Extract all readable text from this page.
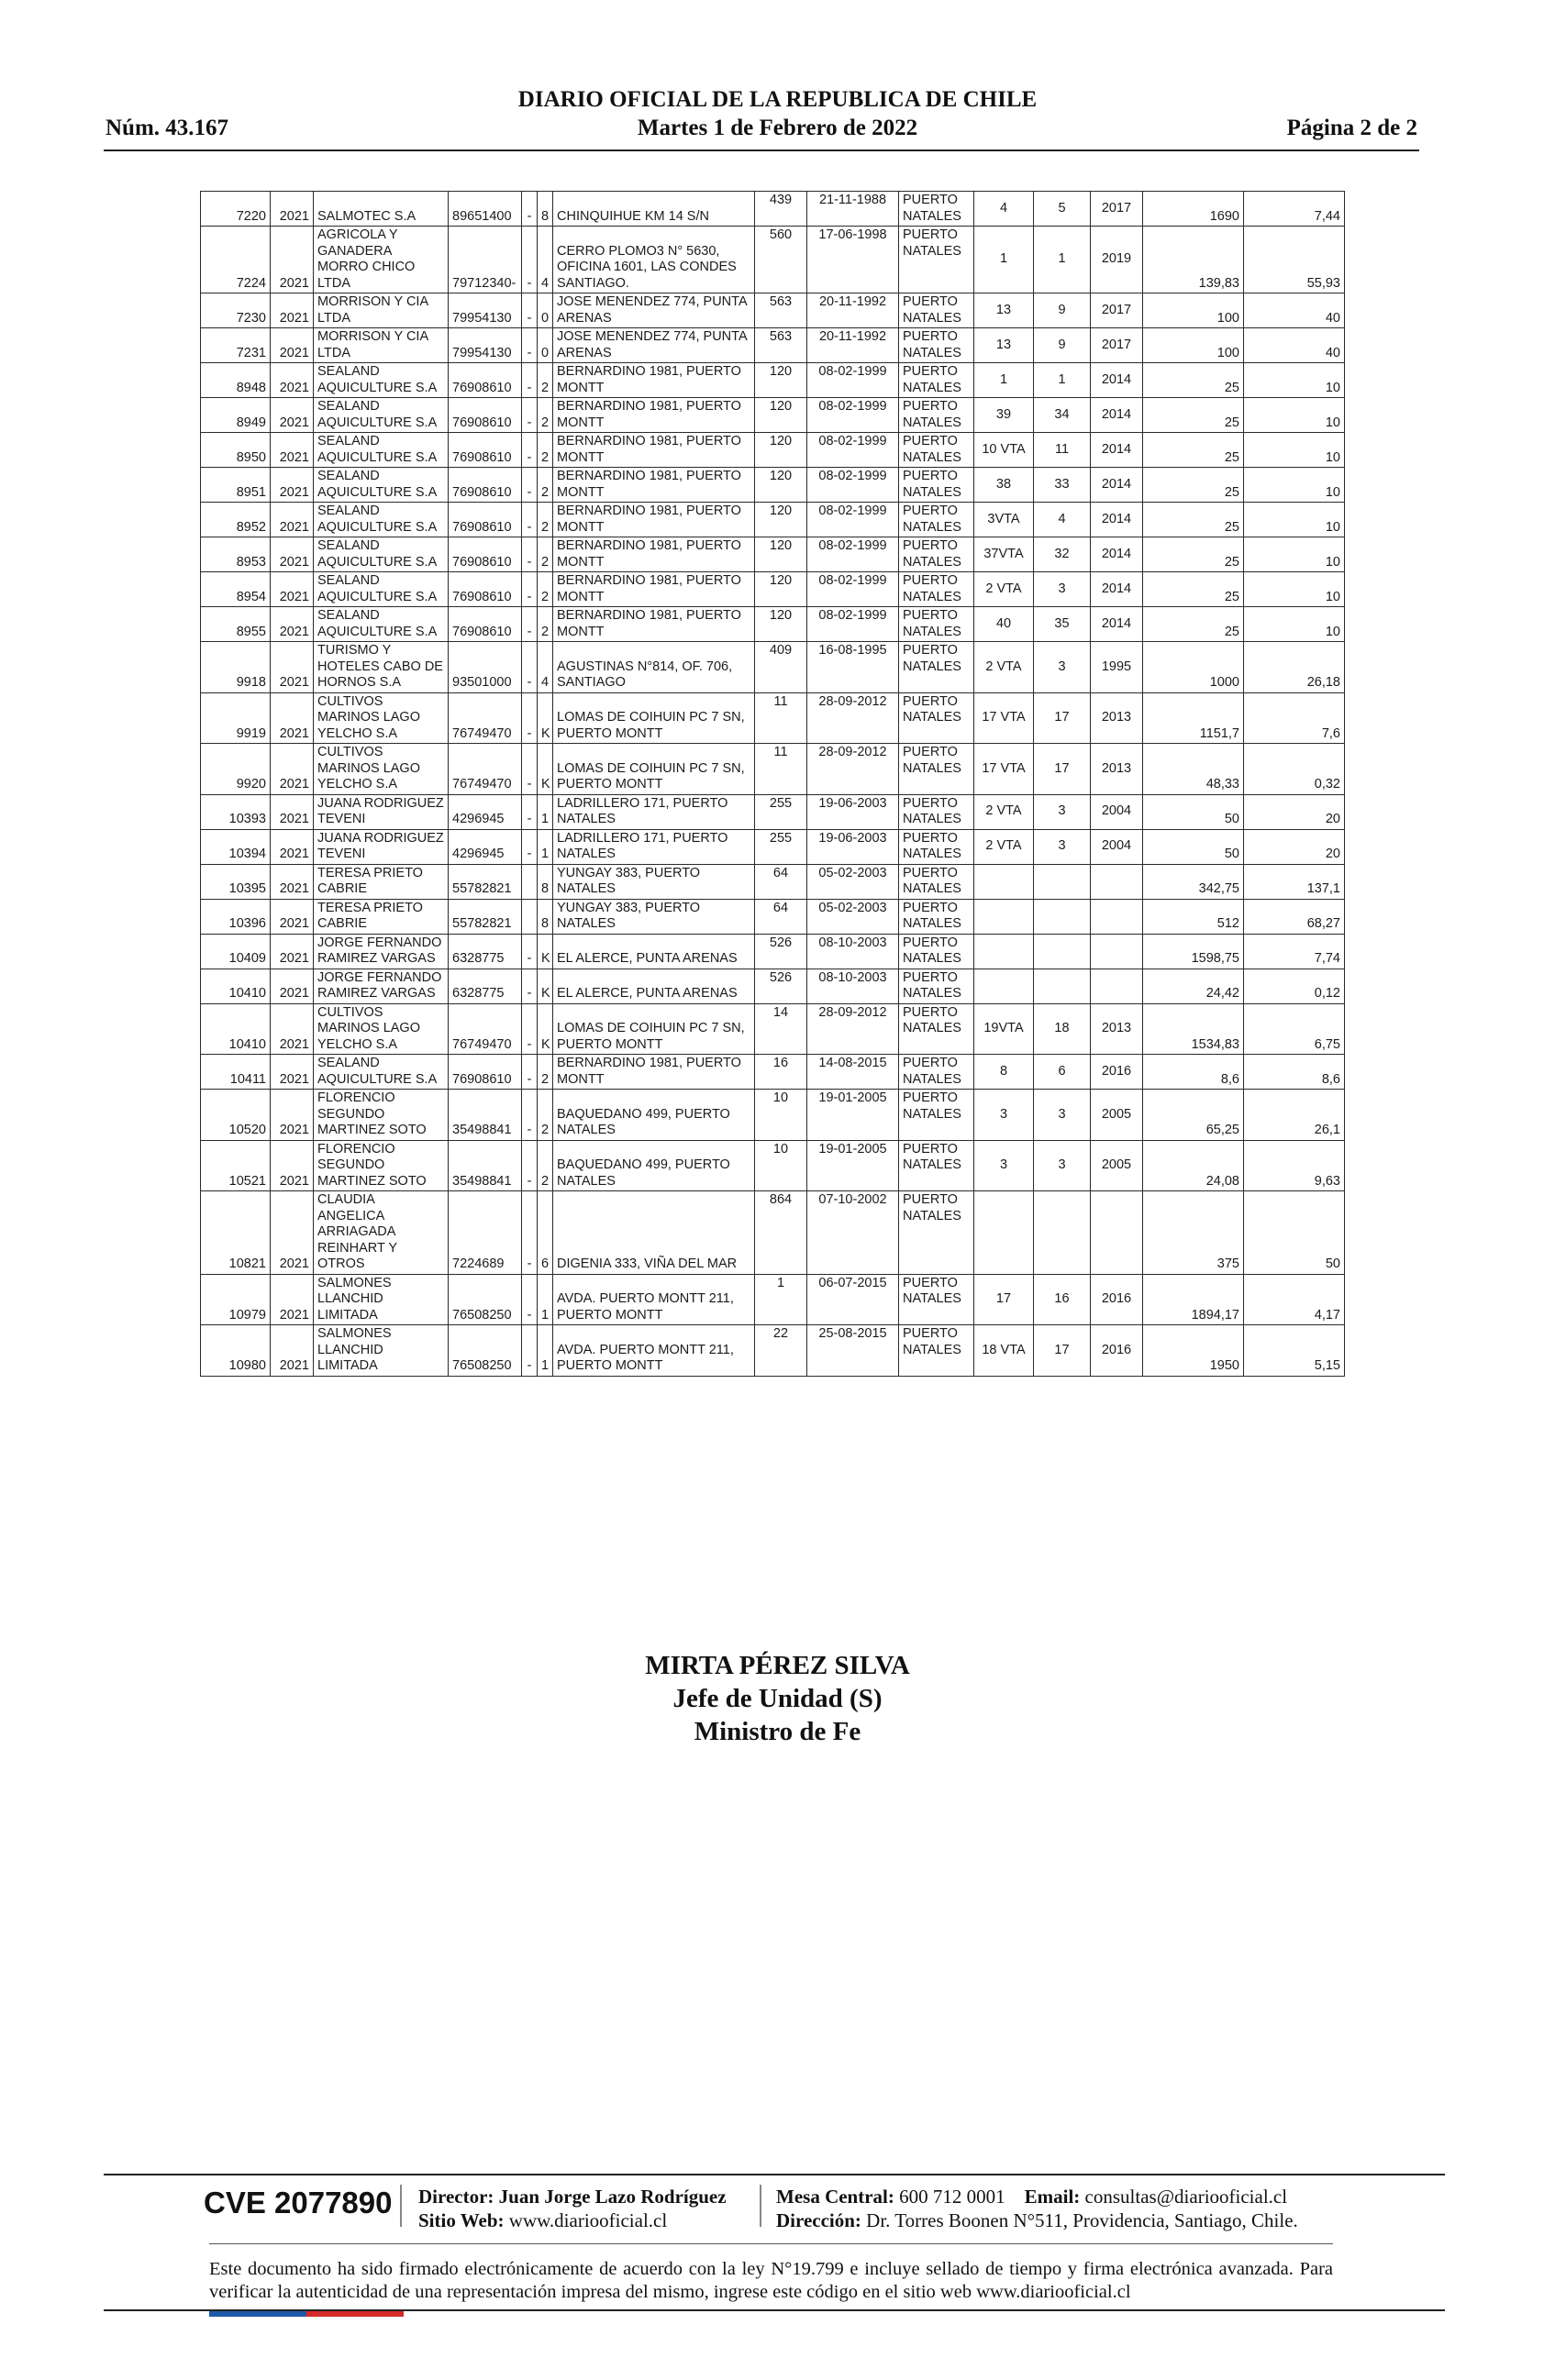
DIARIO OFICIAL DE LA REPUBLICA DE CHILE
Núm. 43.167	Martes 1 de Febrero de 2022	Página 2 de 2
7220	2021	SALMOTEC S.A	89651400	-	8	CHINQUIHUE KM 14 S/N	439	21-11-1988	PUERTO NATALES	4	5	2017	1690	7,44
7224	2021	AGRICOLA Y GANADERA MORRO CHICO LTDA	79712340-	-	4	CERRO PLOMO3 N° 5630, OFICINA 1601, LAS CONDES SANTIAGO.	560	17-06-1998	PUERTO NATALES	1	1	2019	139,83	55,93
7230	2021	MORRISON Y CIA LTDA	79954130	-	0	JOSE MENENDEZ 774, PUNTA ARENAS	563	20-11-1992	PUERTO NATALES	13	9	2017	100	40
7231	2021	MORRISON Y CIA LTDA	79954130	-	0	JOSE MENENDEZ 774, PUNTA ARENAS	563	20-11-1992	PUERTO NATALES	13	9	2017	100	40
8948	2021	SEALAND AQUICULTURE S.A	76908610	-	2	BERNARDINO 1981, PUERTO MONTT	120	08-02-1999	PUERTO NATALES	1	1	2014	25	10
8949	2021	SEALAND AQUICULTURE S.A	76908610	-	2	BERNARDINO 1981, PUERTO MONTT	120	08-02-1999	PUERTO NATALES	39	34	2014	25	10
8950	2021	SEALAND AQUICULTURE S.A	76908610	-	2	BERNARDINO 1981, PUERTO MONTT	120	08-02-1999	PUERTO NATALES	10 VTA	11	2014	25	10
8951	2021	SEALAND AQUICULTURE S.A	76908610	-	2	BERNARDINO 1981, PUERTO MONTT	120	08-02-1999	PUERTO NATALES	38	33	2014	25	10
8952	2021	SEALAND AQUICULTURE S.A	76908610	-	2	BERNARDINO 1981, PUERTO MONTT	120	08-02-1999	PUERTO NATALES	3VTA	4	2014	25	10
8953	2021	SEALAND AQUICULTURE S.A	76908610	-	2	BERNARDINO 1981, PUERTO MONTT	120	08-02-1999	PUERTO NATALES	37VTA	32	2014	25	10
8954	2021	SEALAND AQUICULTURE S.A	76908610	-	2	BERNARDINO 1981, PUERTO MONTT	120	08-02-1999	PUERTO NATALES	2 VTA	3	2014	25	10
8955	2021	SEALAND AQUICULTURE S.A	76908610	-	2	BERNARDINO 1981, PUERTO MONTT	120	08-02-1999	PUERTO NATALES	40	35	2014	25	10
9918	2021	TURISMO Y HOTELES CABO DE HORNOS S.A	93501000	-	4	AGUSTINAS N°814, OF. 706, SANTIAGO	409	16-08-1995	PUERTO NATALES	2 VTA	3	1995	1000	26,18
9919	2021	CULTIVOS MARINOS LAGO YELCHO S.A	76749470	-	K	LOMAS DE COIHUIN PC 7 SN, PUERTO MONTT	11	28-09-2012	PUERTO NATALES	17 VTA	17	2013	1151,7	7,6
9920	2021	CULTIVOS MARINOS LAGO YELCHO S.A	76749470	-	K	LOMAS DE COIHUIN PC 7 SN, PUERTO MONTT	11	28-09-2012	PUERTO NATALES	17 VTA	17	2013	48,33	0,32
10393	2021	JUANA RODRIGUEZ TEVENI	4296945	-	1	LADRILLERO 171, PUERTO NATALES	255	19-06-2003	PUERTO NATALES	2 VTA	3	2004	50	20
10394	2021	JUANA RODRIGUEZ TEVENI	4296945	-	1	LADRILLERO 171, PUERTO NATALES	255	19-06-2003	PUERTO NATALES	2 VTA	3	2004	50	20
10395	2021	TERESA PRIETO CABRIE	55782821		8	YUNGAY 383, PUERTO NATALES	64	05-02-2003	PUERTO NATALES				342,75	137,1
10396	2021	TERESA PRIETO CABRIE	55782821		8	YUNGAY 383, PUERTO NATALES	64	05-02-2003	PUERTO NATALES				512	68,27
10409	2021	JORGE FERNANDO RAMIREZ VARGAS	6328775	-	K	EL ALERCE, PUNTA ARENAS	526	08-10-2003	PUERTO NATALES				1598,75	7,74
10410	2021	JORGE FERNANDO RAMIREZ VARGAS	6328775	-	K	EL ALERCE, PUNTA ARENAS	526	08-10-2003	PUERTO NATALES				24,42	0,12
10410	2021	CULTIVOS MARINOS LAGO YELCHO S.A	76749470	-	K	LOMAS DE COIHUIN PC 7 SN, PUERTO MONTT	14	28-09-2012	PUERTO NATALES	19VTA	18	2013	1534,83	6,75
10411	2021	SEALAND AQUICULTURE S.A	76908610	-	2	BERNARDINO 1981, PUERTO MONTT	16	14-08-2015	PUERTO NATALES	8	6	2016	8,6	8,6
10520	2021	FLORENCIO SEGUNDO MARTINEZ SOTO	35498841	-	2	BAQUEDANO 499, PUERTO NATALES	10	19-01-2005	PUERTO NATALES	3	3	2005	65,25	26,1
10521	2021	FLORENCIO SEGUNDO MARTINEZ SOTO	35498841	-	2	BAQUEDANO 499, PUERTO NATALES	10	19-01-2005	PUERTO NATALES	3	3	2005	24,08	9,63
10821	2021	CLAUDIA ANGELICA ARRIAGADA REINHART Y OTROS	7224689	-	6	DIGENIA 333, VIÑA DEL MAR	864	07-10-2002	PUERTO NATALES				375	50
10979	2021	SALMONES LLANCHID LIMITADA	76508250	-	1	AVDA. PUERTO MONTT 211, PUERTO MONTT	1	06-07-2015	PUERTO NATALES	17	16	2016	1894,17	4,17
10980	2021	SALMONES LLANCHID LIMITADA	76508250	-	1	AVDA. PUERTO MONTT 211, PUERTO MONTT	22	25-08-2015	PUERTO NATALES	18 VTA	17	2016	1950	5,15
MIRTA PÉREZ SILVA
Jefe de Unidad (S)
Ministro de Fe
CVE 2077890 Director: Juan Jorge Lazo Rodríguez
Sitio Web: www.diariooficial.cl
Mesa Central: 600 712 0001 Email: consultas@diariooficial.cl
Dirección: Dr. Torres Boonen N°511, Providencia, Santiago, Chile.
Este documento ha sido firmado electrónicamente de acuerdo con la ley N°19.799 e incluye sellado de tiempo y firma electrónica avanzada. Para verificar la autenticidad de una representación impresa del mismo, ingrese este código en el sitio web www.diariooficial.cl
